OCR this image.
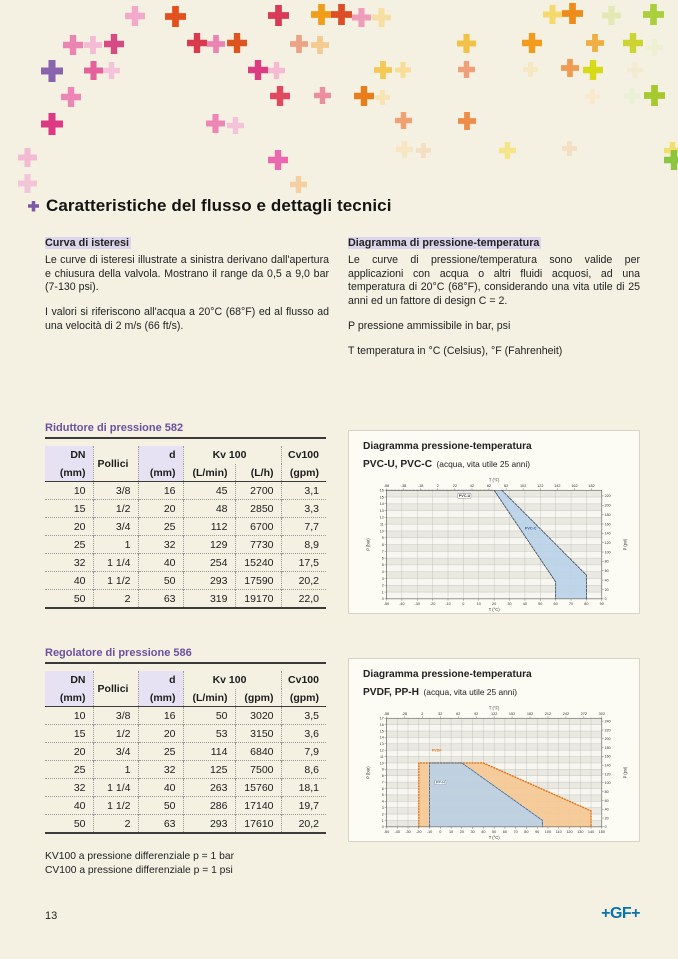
Caratteristiche del flusso e dettagli tecnici
Curva di isteresi

Le curve di isteresi illustrate a sinistra derivano dall'apertura e chiusura della valvola. Mostrano il range da 0,5 a 9,0 bar (7-130 psi).

I valori si riferiscono all'acqua a 20°C (68°F) ed al flusso ad una velocità di 2 m/s (66 ft/s).

Diagramma di pressione-temperatura

Le curve di pressione/temperatura sono valide per applicazioni con acqua o altri fluidi acquosi, ad una temperatura di 20°C (68°F), considerando una vita utile di 25 anni ed un fattore di design C = 2.

P pressione ammissibile in bar, psi

T temperatura in °C (Celsius), °F (Fahrenheit)

Riduttore di pressione 582
DN	Pollici	d	Kv 100		Cv100
(mm)		(mm)	(L/min)	(L/h)	(gpm)
10	3/8	16	45	2700	3,1
15	1/2	20	48	2850	3,3
20	3/4	25	112	6700	7,7
25	1	32	129	7730	8,9
32	1 1/4	40	254	15240	17,5
40	1 1/2	50	293	17590	20,2
50	2	63	319	19170	22,0
Diagramma pressione-temperatura
PVC-U, PVC-C (acqua, vita utile 25 anni)
-50 -40 -30 -20 -10	0	10	20	30	40	50	60	70	80	90
-58	-38	-18	2	22	42	62	82	102	122	142	162	182
0
1
2
3
4
5
6
7
8
9
10
11
12
13
14
15
16
0
20
40
60
80
100
120
140
160
180
200
220
T (°F)
T (°C)
P (bar)	P (psi)
PVC-U
PVC-C
Regolatore di pressione 586
DN	Pollici	d	Kv 100		Cv100
(mm)		(mm)	(L/min)	(gpm)	(gpm)
10	3/8	16	50	3020	3,5
15	1/2	20	53	3150	3,6
20	3/4	25	114	6840	7,9
25	1	32	125	7500	8,6
32	1 1/4	40	263	15760	18,1
40	1 1/2	50	286	17140	19,7
50	2	63	293	17610	20,2
Diagramma pressione-temperatura
PVDF, PP-H (acqua, vita utile 25 anni)
-50 -40 -30 -20 -10 0 10 20 30 40 50 60 70 80 90 100 110 120 130 140 150
-58	-28	2	32	62	92	122	152	182	212	242	272	302
0
1
2
3
4
5
6
7
8
9
10
11
12
13
14
15
16
17
0
20
40
60
80
100
120
140
160
180
200
220
240
T (°F)
T (°C)
P (bar)	P (psi)
PVDF
PP-H
KV100 a pressione differenziale p = 1 bar
CV100 a pressione differenziale p = 1 psi
13	+GF+
